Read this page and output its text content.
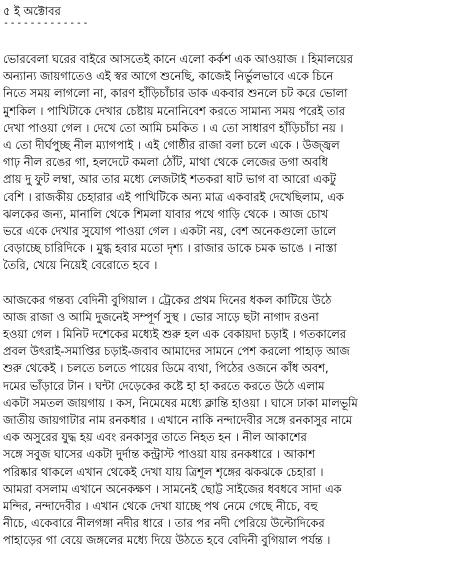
৫ ই অক্টোবর
-------------
ভোরবেলা ঘরের বাইরে আসতেই কানে এলো কর্কশ এক আওয়াজ । হিমালয়ের
অন্যান্য জায়গাতেও এই স্বর আগে শুনেছি, কাজেই নির্ভুলভাবে একে চিনে
নিতে সময় লাগলো না, কারণ হাঁড়িচাঁচার ডাক একবার শুনলে চট করে ভোলা
মুশকিল । পাখিটাকে দেখার চেষ্টায় মনোনিবেশ করতে সামান্য সময় পরেই তার
দেখা পাওয়া গেল । দেখে তো আমি চমকিত । এ তো সাধারণ হাঁড়িচাঁচা নয় ।
এ তো দীর্ঘপুচ্ছ নীল ম্যাগপাই । এই গোষ্ঠীর রাজা বলা চলে একে । উজ্জ্বল
গাঢ় নীল রঙের গা, হলদেটে কমলা ঠোঁট, মাথা থেকে লেজের ডগা অবধি
প্রায় দু ফুট লম্বা, আর তার মধ্যে লেজটাই শতকরা ষাট ভাগ বা আরো একটু
বেশি । রাজকীয় চেহারার এই পাখিটিকে অন্য মাত্র একবারই দেখেছিলাম, এক
ঝলকের জন্য, মানালি থেকে শিমলা যাবার পথে গাড়ি থেকে । আজ চোখ
ভরে একে দেখার সুযোগ পাওয়া গেল । একটা নয়, বেশ অনেকগুলো ডালে
বেড়াচ্ছে চারিদিকে । মুগ্ধ হবার মতো দৃশ্য । রাজার ডাকে চমক ভাঙে । নাস্তা
তৈরি, খেয়ে নিয়েই বেরোতে হবে ।
আজকের গন্তব্য বেদিনী বুগিয়াল । ট্রেকের প্রথম দিনের ধকল কাটিয়ে উঠে
আজ রাজা ও আমি দুজনেই সম্পূর্ণ সুস্থ । ভোর সাড়ে ছটা নাগাদ রওনা
হওয়া গেল । মিনিট দশেকের মধ্যেই শুরু হল এক বেকায়দা চড়াই । গতকালের
প্রবল উৎরাই-সমাপ্তির চড়াই-জবাব আমাদের সামনে পেশ করলো পাহাড় আজ
শুরু থেকেই । চলতে চলতে পায়ের ডিমে ব্যথা, পিঠের ওজনে কাঁধ অবশ,
দমের ভাঁড়ারে টান । ঘন্টা দেড়েকের কষ্টে হা হা করতে করতে উঠে এলাম
একটা সমতল জায়গায় । কস, নিমেষের মধ্যে ক্লান্তি হাওয়া । ঘাসে ঢাকা মালভূমি
জাতীয় জায়গাটার নাম রনকধার । এখানে নাকি নন্দাদেবীর সঙ্গে রনকাসুর নামে
এক অসুরের যুদ্ধ হয় এবং রনকাসুর তাতে নিহত হন । নীল আকাশের
সঙ্গে সবুজ ঘাসের একটা দুর্দান্ত কন্ট্রাস্ট পাওয়া যায় রনকধারে । আকাশ
পরিষ্কার থাকলে এখান থেকেই দেখা যায় ত্রিশূল শৃঙ্গের ঝকঝকে চেহারা ।
আমরা বসলাম এখানে অনেকক্ষণ । সামনেই ছোট্ট সাইজের ধবধবে সাদা এক
মন্দির, নন্দাদেবীর । এখান থেকে দেখা যাচ্ছে পথ নেমে গেছে নীচে, বহু
নীচে, একেবারে নীলগঙ্গা নদীর ধারে । তার পর নদী পেরিয়ে উল্টোদিকের
পাহাড়ের গা বেয়ে জঙ্গলের মধ্যে দিয়ে উঠতে হবে বেদিনী বুগিয়াল পর্যন্ত ।
